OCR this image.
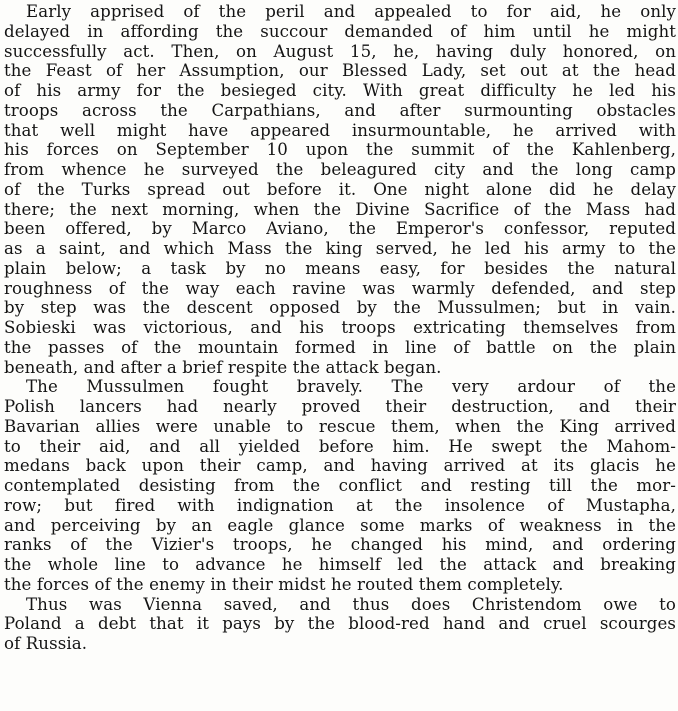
Early apprised of the peril and appealed to for aid, he only
delayed in affording the succour demanded of him until he might
successfully act. Then, on August 15, he, having duly honored, on
the Feast of her Assumption, our Blessed Lady, set out at the head
of his army for the besieged city. With great difficulty he led his
troops across the Carpathians, and after surmounting obstacles
that well might have appeared insurmountable, he arrived with
his forces on September 10 upon the summit of the Kahlenberg,
from whence he surveyed the beleagured city and the long camp
of the Turks spread out before it. One night alone did he delay
there; the next morning, when the Divine Sacrifice of the Mass had
been offered, by Marco Aviano, the Emperor's confessor, reputed
as a saint, and which Mass the king served, he led his army to the
plain below; a task by no means easy, for besides the natural
roughness of the way each ravine was warmly defended, and step
by step was the descent opposed by the Mussulmen; but in vain.
Sobieski was victorious, and his troops extricating themselves from
the passes of the mountain formed in line of battle on the plain
beneath, and after a brief respite the attack began.
The Mussulmen fought bravely. The very ardour of the
Polish lancers had nearly proved their destruction, and their
Bavarian allies were unable to rescue them, when the King arrived
to their aid, and all yielded before him. He swept the Mahom-
medans back upon their camp, and having arrived at its glacis he
contemplated desisting from the conflict and resting till the mor-
row; but fired with indignation at the insolence of Mustapha,
and perceiving by an eagle glance some marks of weakness in the
ranks of the Vizier's troops, he changed his mind, and ordering
the whole line to advance he himself led the attack and breaking
the forces of the enemy in their midst he routed them completely.
Thus was Vienna saved, and thus does Christendom owe to
Poland a debt that it pays by the blood-red hand and cruel scourges
of Russia.
